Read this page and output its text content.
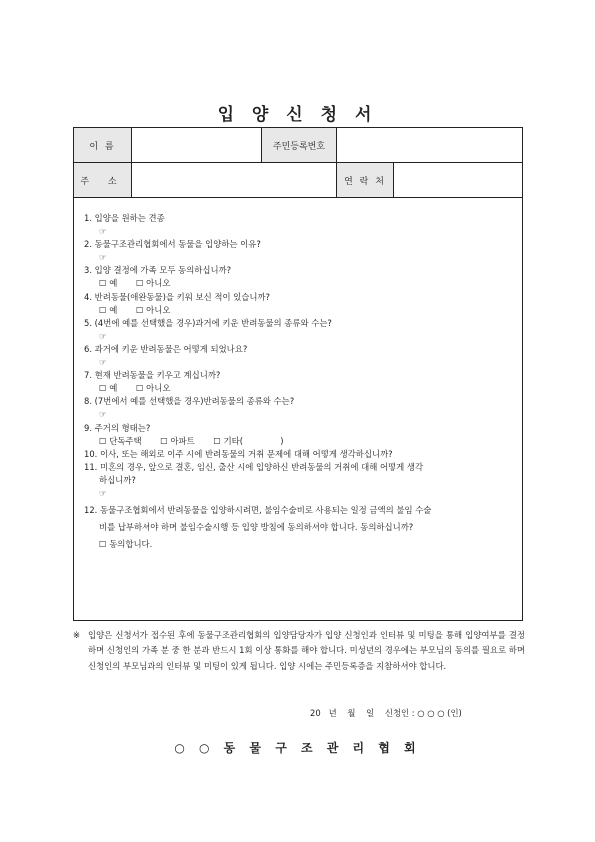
입 양 신 청 서
이 름	주민등록번호
주 소	연 락 처
1. 입양을 원하는 견종
☞
2. 동물구조관리협회에서 동물을 입양하는 이유?
☞
3. 입양 결정에 가족 모두 동의하십니까?
☐ 예 ☐ 아니오
4. 반려동물(애완동물)을 키워 보신 적이 있습니까?
☐ 예 ☐ 아니오
5. (4번에 예를 선택했을 경우)과거에 키운 반려동물의 종류와 수는?
☞
6. 과거에 키운 반려동물은 어떻게 되었나요?
☞
7. 현재 반려동물을 키우고 계십니까?
☐ 예 ☐ 아니오
8. (7번에서 예를 선택했을 경우)반려동물의 종류와 수는?
☞
9. 주거의 형태는?
☐ 단독주택 ☐ 아파트 ☐ 기타(              )
10. 이사, 또는 해외로 이주 시에 반려동물의 거취 문제에 대해 어떻게 생각하십니까?
11. 미혼의 경우, 앞으로 결혼, 임신, 출산 시에 입양하신 반려동물의 거취에 대해 어떻게 생각
하십니까?
☞
12. 동물구조협회에서 반려동물을 입양하시려면, 불임수술비로 사용되는 일정 금액의 불임 수술
비를 납부하셔야 하며 불임수술시행 등 입양 방침에 동의하셔야 합니다. 동의하십니까?
☐ 동의합니다.
※ 입양은 신청서가 접수된 후에 동물구조관리협회의 입양담당자가 입양 신청인과 인터뷰 및 미팅을 통해 입양여부를 결정하며 신청인의 가족 분 중 한 분과 반드시 1회 이상 통화를 해야 합니다. 미성년의 경우에는 부모님의 동의를 필요로 하며 신청인의 부모님과의 인터뷰 및 미팅이 있게 됩니다. 입양 시에는 주민등록증을 지참하셔야 합니다.
20   년    월    일    신청인 : ○ ○ ○ (인)
○ ○ 동 물 구 조 관 리 협 회
